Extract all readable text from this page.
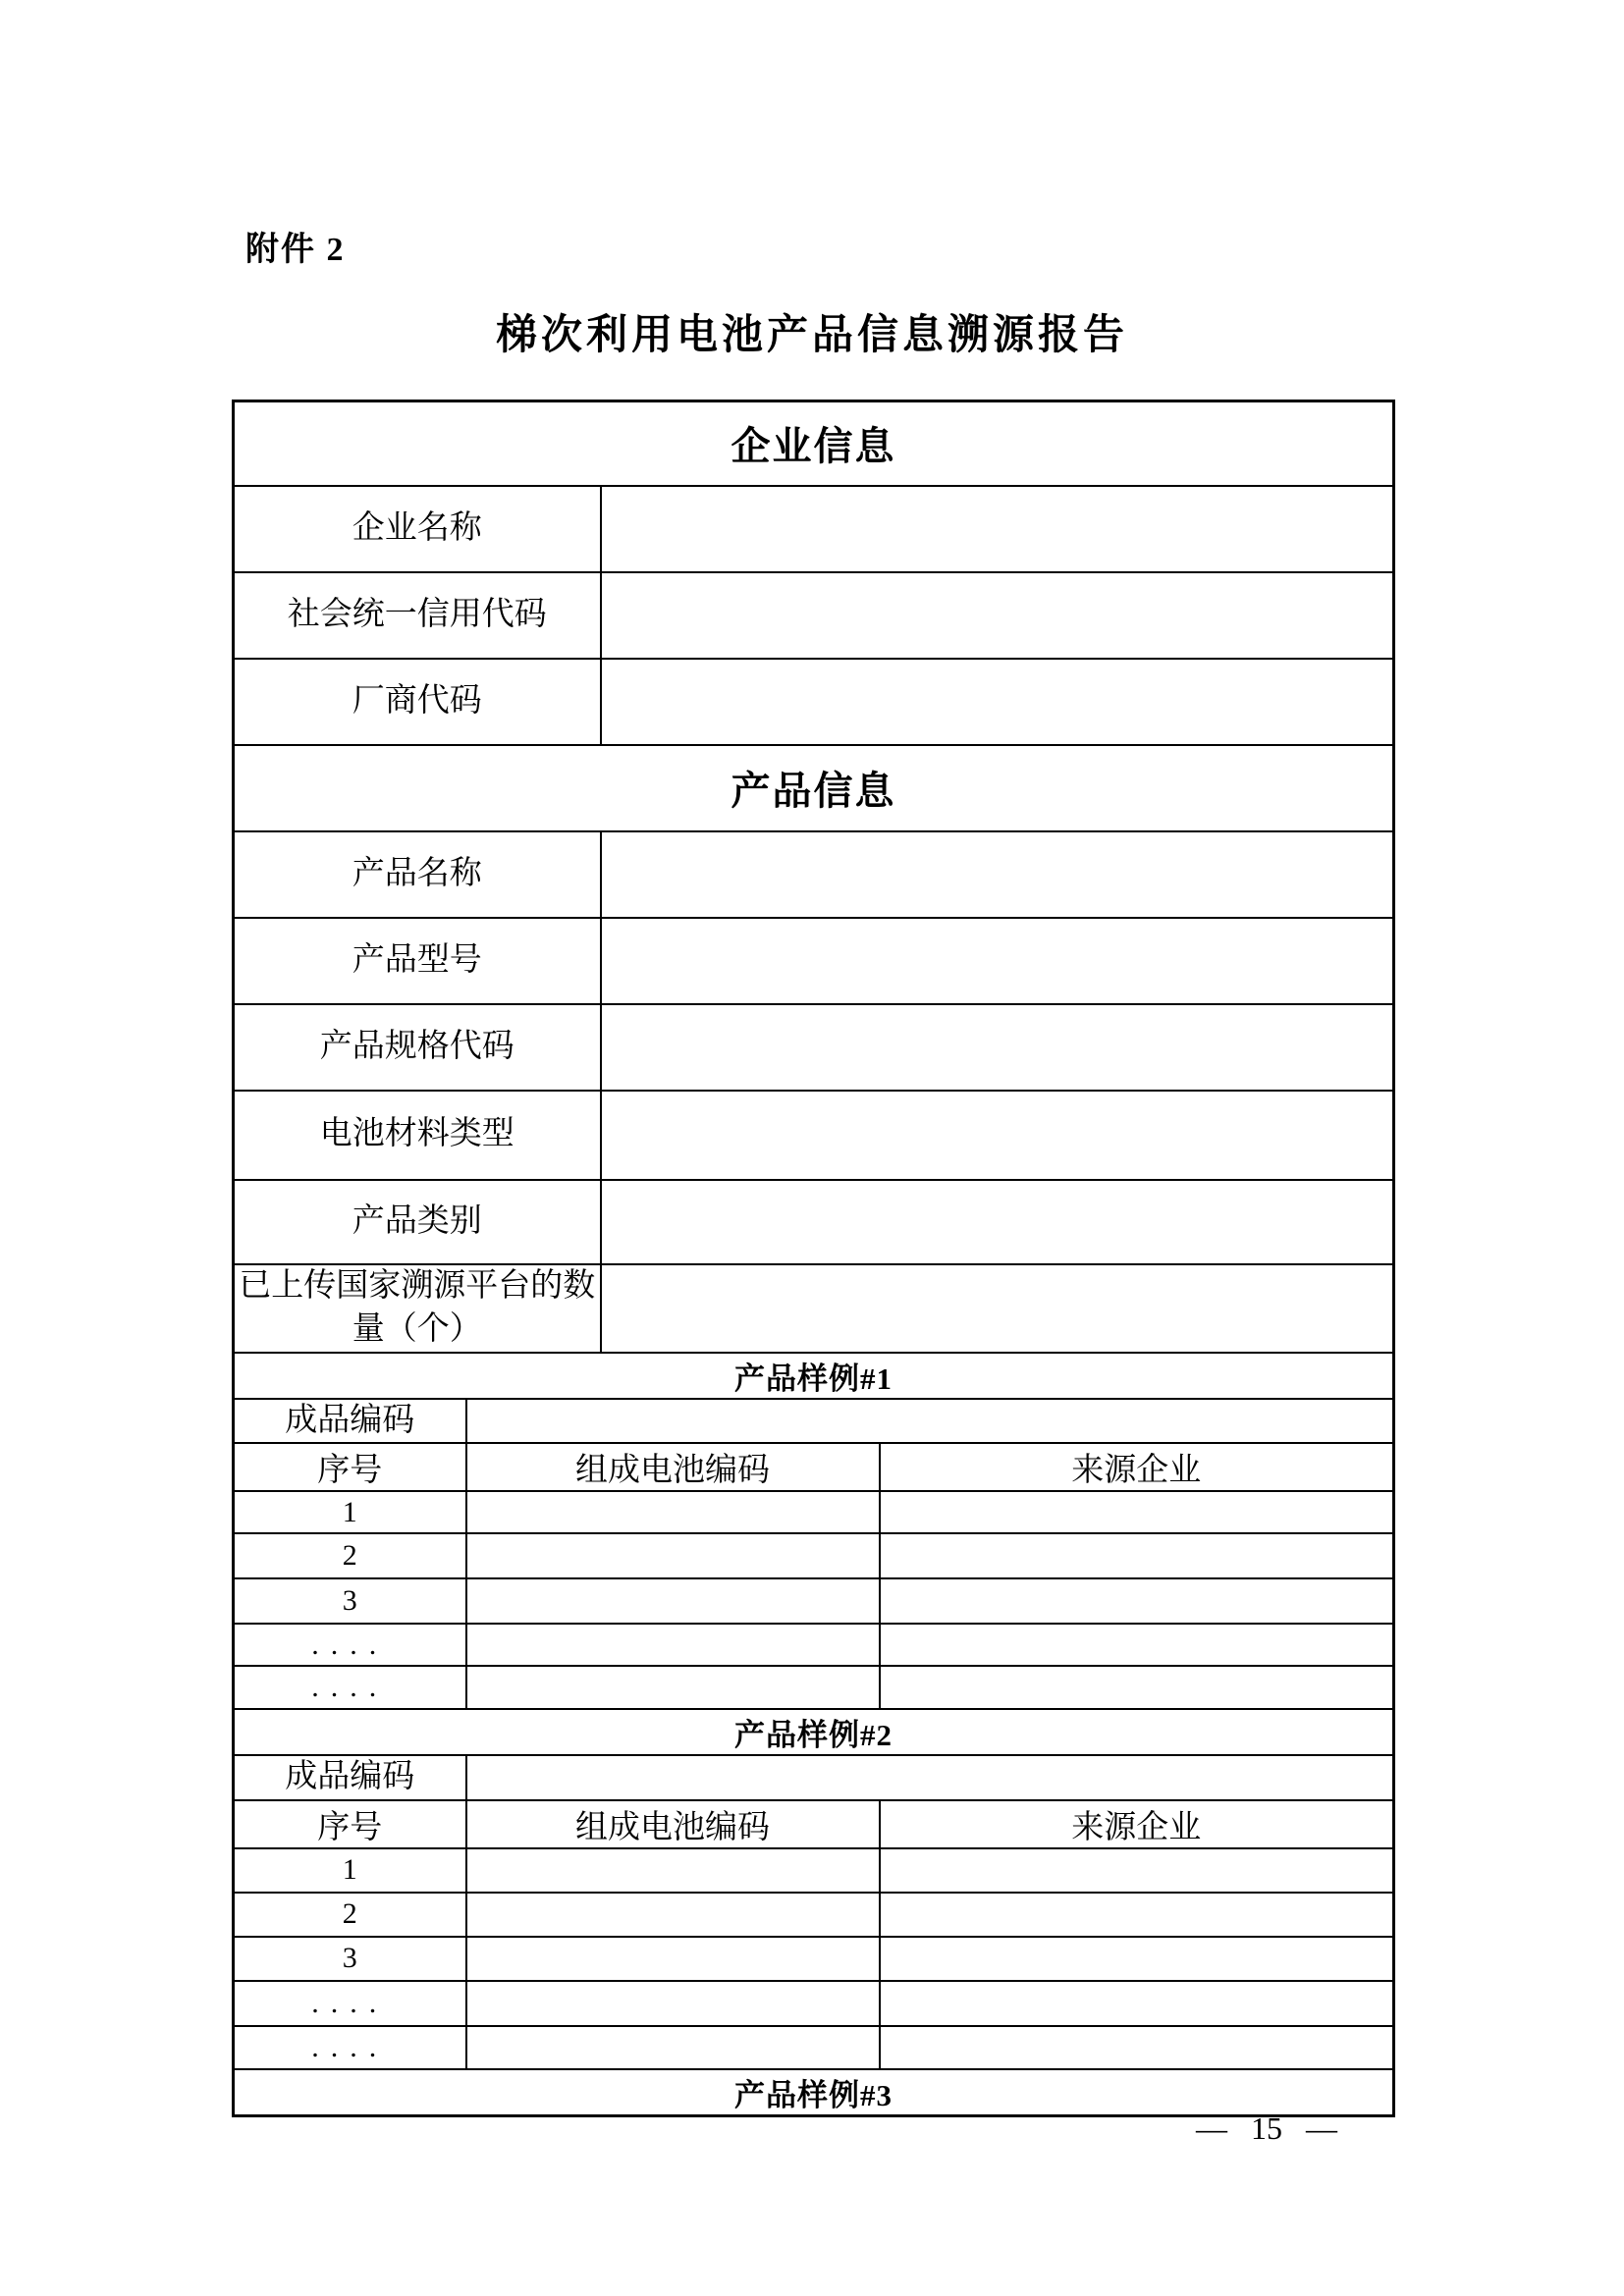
附件 2
梯次利用电池产品信息溯源报告
企业信息			
企业名称			
社会统一信用代码			
厂商代码			
产品信息			
产品名称			
产品型号			
产品规格代码			
电池材料类型			
产品类别			
已上传国家溯源平台的数量（个）			
产品样例#1			
成品编码			
序号	组成电池编码		来源企业
1			
2			
3			
....			
....			
产品样例#2			
成品编码			
序号	组成电池编码		来源企业
1			
2			
3			
....			
....			
产品样例#3			
— 15 —
